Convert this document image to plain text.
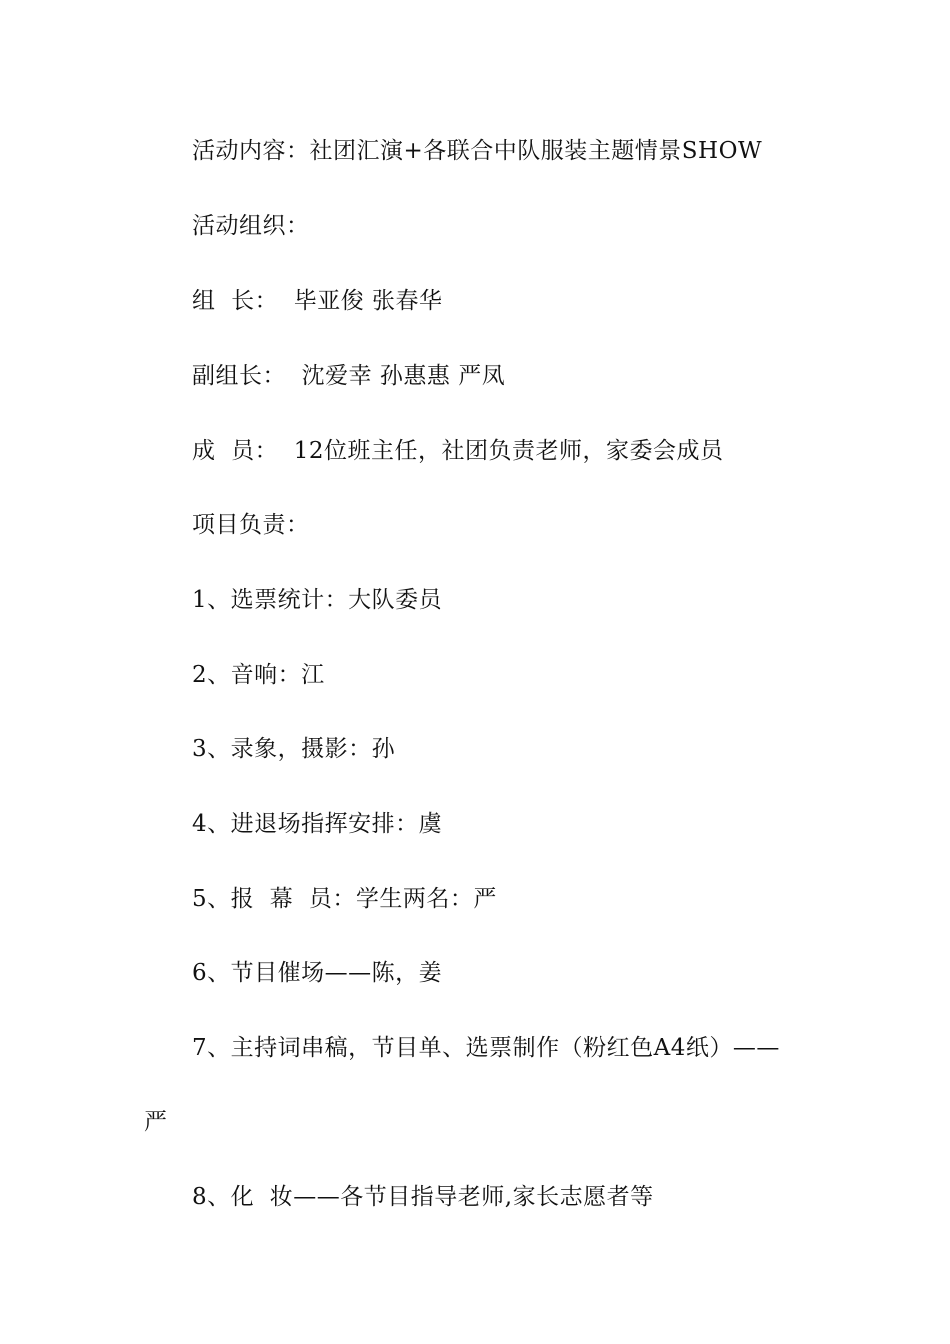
活动内容：社团汇演+各联合中队服装主题情景SHOW
活动组织：
组  长：  毕亚俊 张春华
副组长：  沈爱幸 孙惠惠 严凤
成  员：  12位班主任，社团负责老师，家委会成员
项目负责：
1、选票统计：大队委员
2、音响：江
3、录象，摄影：孙
4、进退场指挥安排：虞
5、报  幕  员：学生两名：严
6、节目催场——陈，姜
7、主持词串稿，节目单、选票制作（粉红色A4纸）——
严
8、化  妆——各节目指导老师,家长志愿者等
